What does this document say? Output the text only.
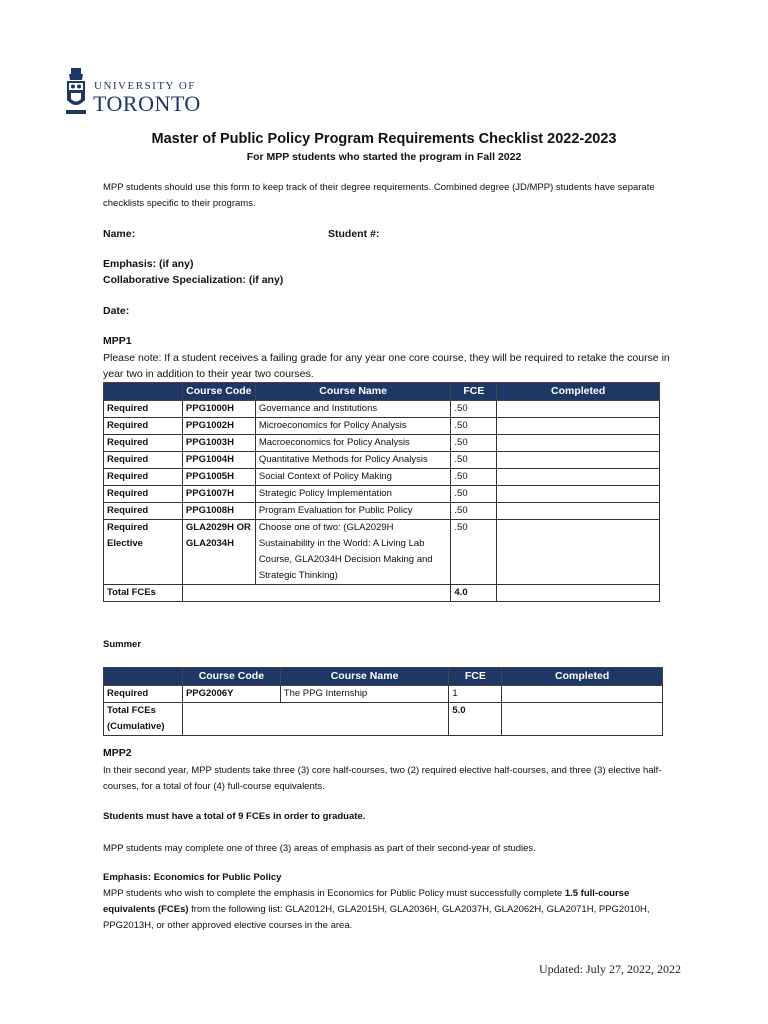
UNIVERSITY OF
TORONTO
Master of Public Policy Program Requirements Checklist 2022-2023
For MPP students who started the program in Fall 2022
MPP students should use this form to keep track of their degree requirements. Combined degree (JD/MPP) students have separate checklists specific to their programs.
Name:	Student #:
Emphasis: (if any)
Collaborative Specialization: (if any)
Date:
MPP1
Please note: If a student receives a failing grade for any year one core course, they will be required to retake the course in year two in addition to their year two courses.
	Course Code	Course Name	FCE	Completed
Required	PPG1000H	Governance and Institutions	.50	
Required	PPG1002H	Microeconomics for Policy Analysis	.50	
Required	PPG1003H	Macroeconomics for Policy Analysis	.50	
Required	PPG1004H	Quantitative Methods for Policy Analysis	.50	
Required	PPG1005H	Social Context of Policy Making	.50	
Required	PPG1007H	Strategic Policy Implementation	.50	
Required	PPG1008H	Program Evaluation for Public Policy	.50	
Required Elective	GLA2029H OR GLA2034H	Choose one of two: (GLA2029H Sustainability in the World: A Living Lab Course, GLA2034H Decision Making and Strategic Thinking)	.50	
Total FCEs			4.0	
Summer
	Course Code	Course Name	FCE	Completed
Required	PPG2006Y	The PPG Internship	1	
Total FCEs (Cumulative)			5.0	
MPP2
In their second year, MPP students take three (3) core half-courses, two (2) required elective half-courses, and three (3) elective half-courses, for a total of four (4) full-course equivalents.
Students must have a total of 9 FCEs in order to graduate.
MPP students may complete one of three (3) areas of emphasis as part of their second-year of studies.
Emphasis: Economics for Public Policy
MPP students who wish to complete the emphasis in Economics for Public Policy must successfully complete 1.5 full-course equivalents (FCEs) from the following list: GLA2012H, GLA2015H, GLA2036H, GLA2037H, GLA2062H, GLA2071H, PPG2010H, PPG2013H, or other approved elective courses in the area.
Updated: July 27, 2022, 2022
